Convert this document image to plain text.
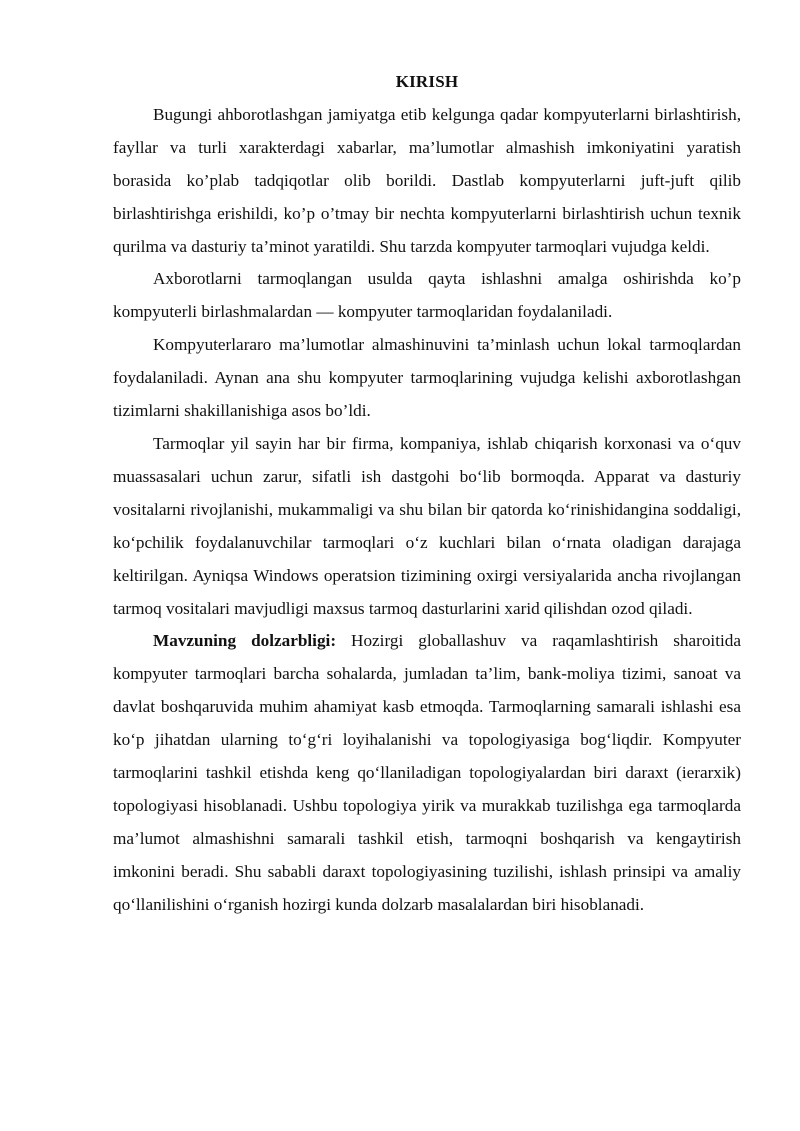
KIRISH

Bugungi ahborotlashgan jamiyatga etib kelgunga qadar kompyuterlarni birlashtirish, fayllar va turli xarakterdagi xabarlar, ma’lumotlar almashish imkoniyatini yaratish borasida ko’plab tadqiqotlar olib borildi. Dastlab kompyuterlarni juft-juft qilib birlashtirishga erishildi, ko’p o’tmay bir nechta kompyuterlarni birlashtirish uchun texnik qurilma va dasturiy ta’minot yaratildi. Shu tarzda kompyuter tarmoqlari vujudga keldi.

Axborotlarni tarmoqlangan usulda qayta ishlashni amalga oshirishda ko’p kompyuterli birlashmalardan — kompyuter tarmoqlaridan foydalaniladi.

Kompyuterlararo ma’lumotlar almashinuvini ta’minlash uchun lokal tarmoqlardan foydalaniladi. Aynan ana shu kompyuter tarmoqlarining vujudga kelishi axborotlashgan tizimlarni shakillanishiga asos bo’ldi.

Tarmoqlar yil sayin har bir firma, kompaniya, ishlab chiqarish korxonasi va o‘quv muassasalari uchun zarur, sifatli ish dastgohi bo‘lib bormoqda. Apparat va dasturiy vositalarni rivojlanishi, mukammaligi va shu bilan bir qatorda ko‘rinishidangina soddaligi, ko‘pchilik foydalanuvchilar tarmoqlari o‘z kuchlari bilan o‘rnata oladigan darajaga keltirilgan. Ayniqsa Windows operatsion tizimining oxirgi versiyalarida ancha rivojlangan tarmoq vositalari mavjudligi maxsus tarmoq dasturlarini xarid qilishdan ozod qiladi.

Mavzuning dolzarbligi: Hozirgi globallashuv va raqamlashtirish sharoitida kompyuter tarmoqlari barcha sohalarda, jumladan ta’lim, bank-moliya tizimi, sanoat va davlat boshqaruvida muhim ahamiyat kasb etmoqda. Tarmoqlarning samarali ishlashi esa ko‘p jihatdan ularning to‘g‘ri loyihalanishi va topologiyasiga bog‘liqdir. Kompyuter tarmoqlarini tashkil etishda keng qo‘llaniladigan topologiyalardan biri daraxt (ierarxik) topologiyasi hisoblanadi. Ushbu topologiya yirik va murakkab tuzilishga ega tarmoqlarda ma’lumot almashishni samarali tashkil etish, tarmoqni boshqarish va kengaytirish imkonini beradi. Shu sababli daraxt topologiyasining tuzilishi, ishlash prinsipi va amaliy qo‘llanilishini o‘rganish hozirgi kunda dolzarb masalalardan biri hisoblanadi.
